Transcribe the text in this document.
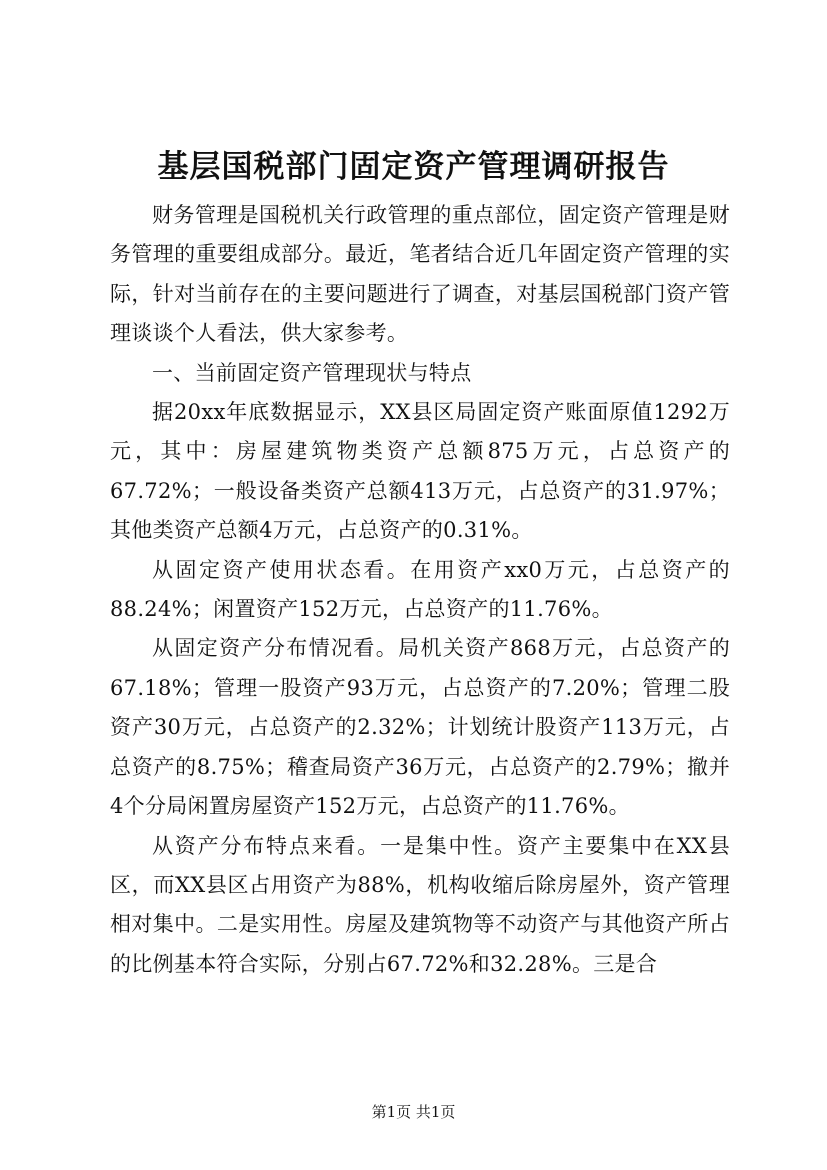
基层国税部门固定资产管理调研报告

财务管理是国税机关行政管理的重点部位，固定资产管理是财务管理的重要组成部分。最近，笔者结合近几年固定资产管理的实际，针对当前存在的主要问题进行了调查，对基层国税部门资产管理谈谈个人看法，供大家参考。

一、当前固定资产管理现状与特点

据20xx年底数据显示，XX县区局固定资产账面原值1292万元，其中：房屋建筑物类资产总额875万元，占总资产的67.72%；一般设备类资产总额413万元，占总资产的31.97%；其他类资产总额4万元，占总资产的0.31%。

从固定资产使用状态看。在用资产xx0万元，占总资产的88.24%；闲置资产152万元，占总资产的11.76%。

从固定资产分布情况看。局机关资产868万元，占总资产的67.18%；管理一股资产93万元，占总资产的7.20%；管理二股资产30万元，占总资产的2.32%；计划统计股资产113万元，占总资产的8.75%；稽查局资产36万元，占总资产的2.79%；撤并4个分局闲置房屋资产152万元，占总资产的11.76%。

从资产分布特点来看。一是集中性。资产主要集中在XX县区，而XX县区占用资产为88%，机构收缩后除房屋外，资产管理相对集中。二是实用性。房屋及建筑物等不动资产与其他资产所占的比例基本符合实际，分别占67.72%和32.28%。三是合

第1页 共1页
